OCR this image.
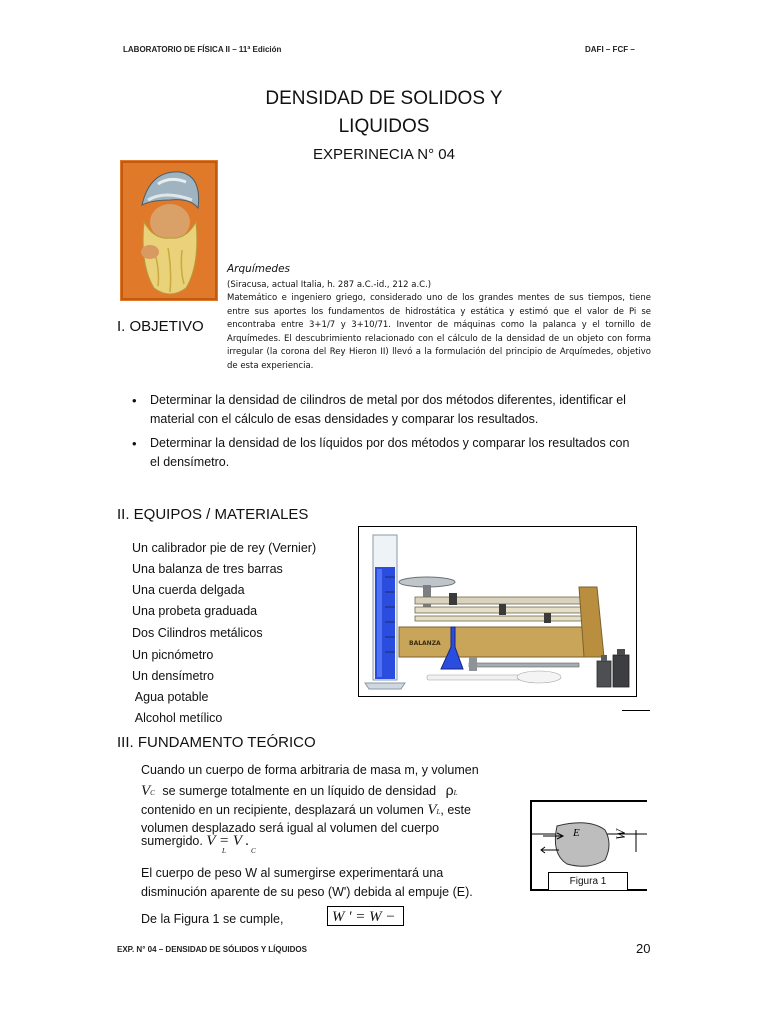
LABORATORIO DE FÍSICA II – 11ª Edición	DAFI – FCF –
DENSIDAD DE SOLIDOS Y
LIQUIDOS
EXPERINECIA N° 04
Arquímedes
(Siracusa, actual Italia, h. 287 a.C.-id., 212 a.C.)
Matemático e ingeniero griego, considerado uno de los grandes mentes de sus tiempos, tiene entre sus aportes los fundamentos de hidrostática y estática y estimó que el valor de Pi se encontraba entre 3+1/7 y 3+10/71. Inventor de máquinas como la palanca y el tornillo de Arquímedes. El descubrimiento relacionado con el cálculo de la densidad de un objeto con forma irregular (la corona del Rey Hieron II) llevó a la formulación del principio de Arquímedes, objetivo de esta experiencia.
I. OBJETIVO
• Determinar la densidad de cilindros de metal por dos métodos diferentes, identificar el material con el cálculo de esas densidades y comparar los resultados.
• Determinar la densidad de los líquidos por dos métodos y comparar los resultados con el densímetro.
II. EQUIPOS / MATERIALES
Un calibrador pie de rey (Vernier)
Una balanza de tres barras
Una cuerda delgada
Una probeta graduada
Dos Cilindros metálicos
Un picnómetro
Un densímetro
Agua potable
Alcohol metílico
BALANZA
III. FUNDAMENTO TEÓRICO
Cuando un cuerpo de forma arbitraria de masa m, y volumen
VC se sumerge totalmente en un líquido de densidad ρL
contenido en un recipiente, desplazará un volumen VL, este
volumen desplazado será igual al volumen del cuerpo
sumergido. V = V .
L	C
El cuerpo de peso W al sumergirse experimentará una
disminución aparente de su peso (W') debida al empuje (E).
De la Figura 1 se cumple,	W ' = W −
E	W
Figura 1
EXP. N° 04 – DENSIDAD DE SÓLIDOS Y LÍQUIDOS	20
